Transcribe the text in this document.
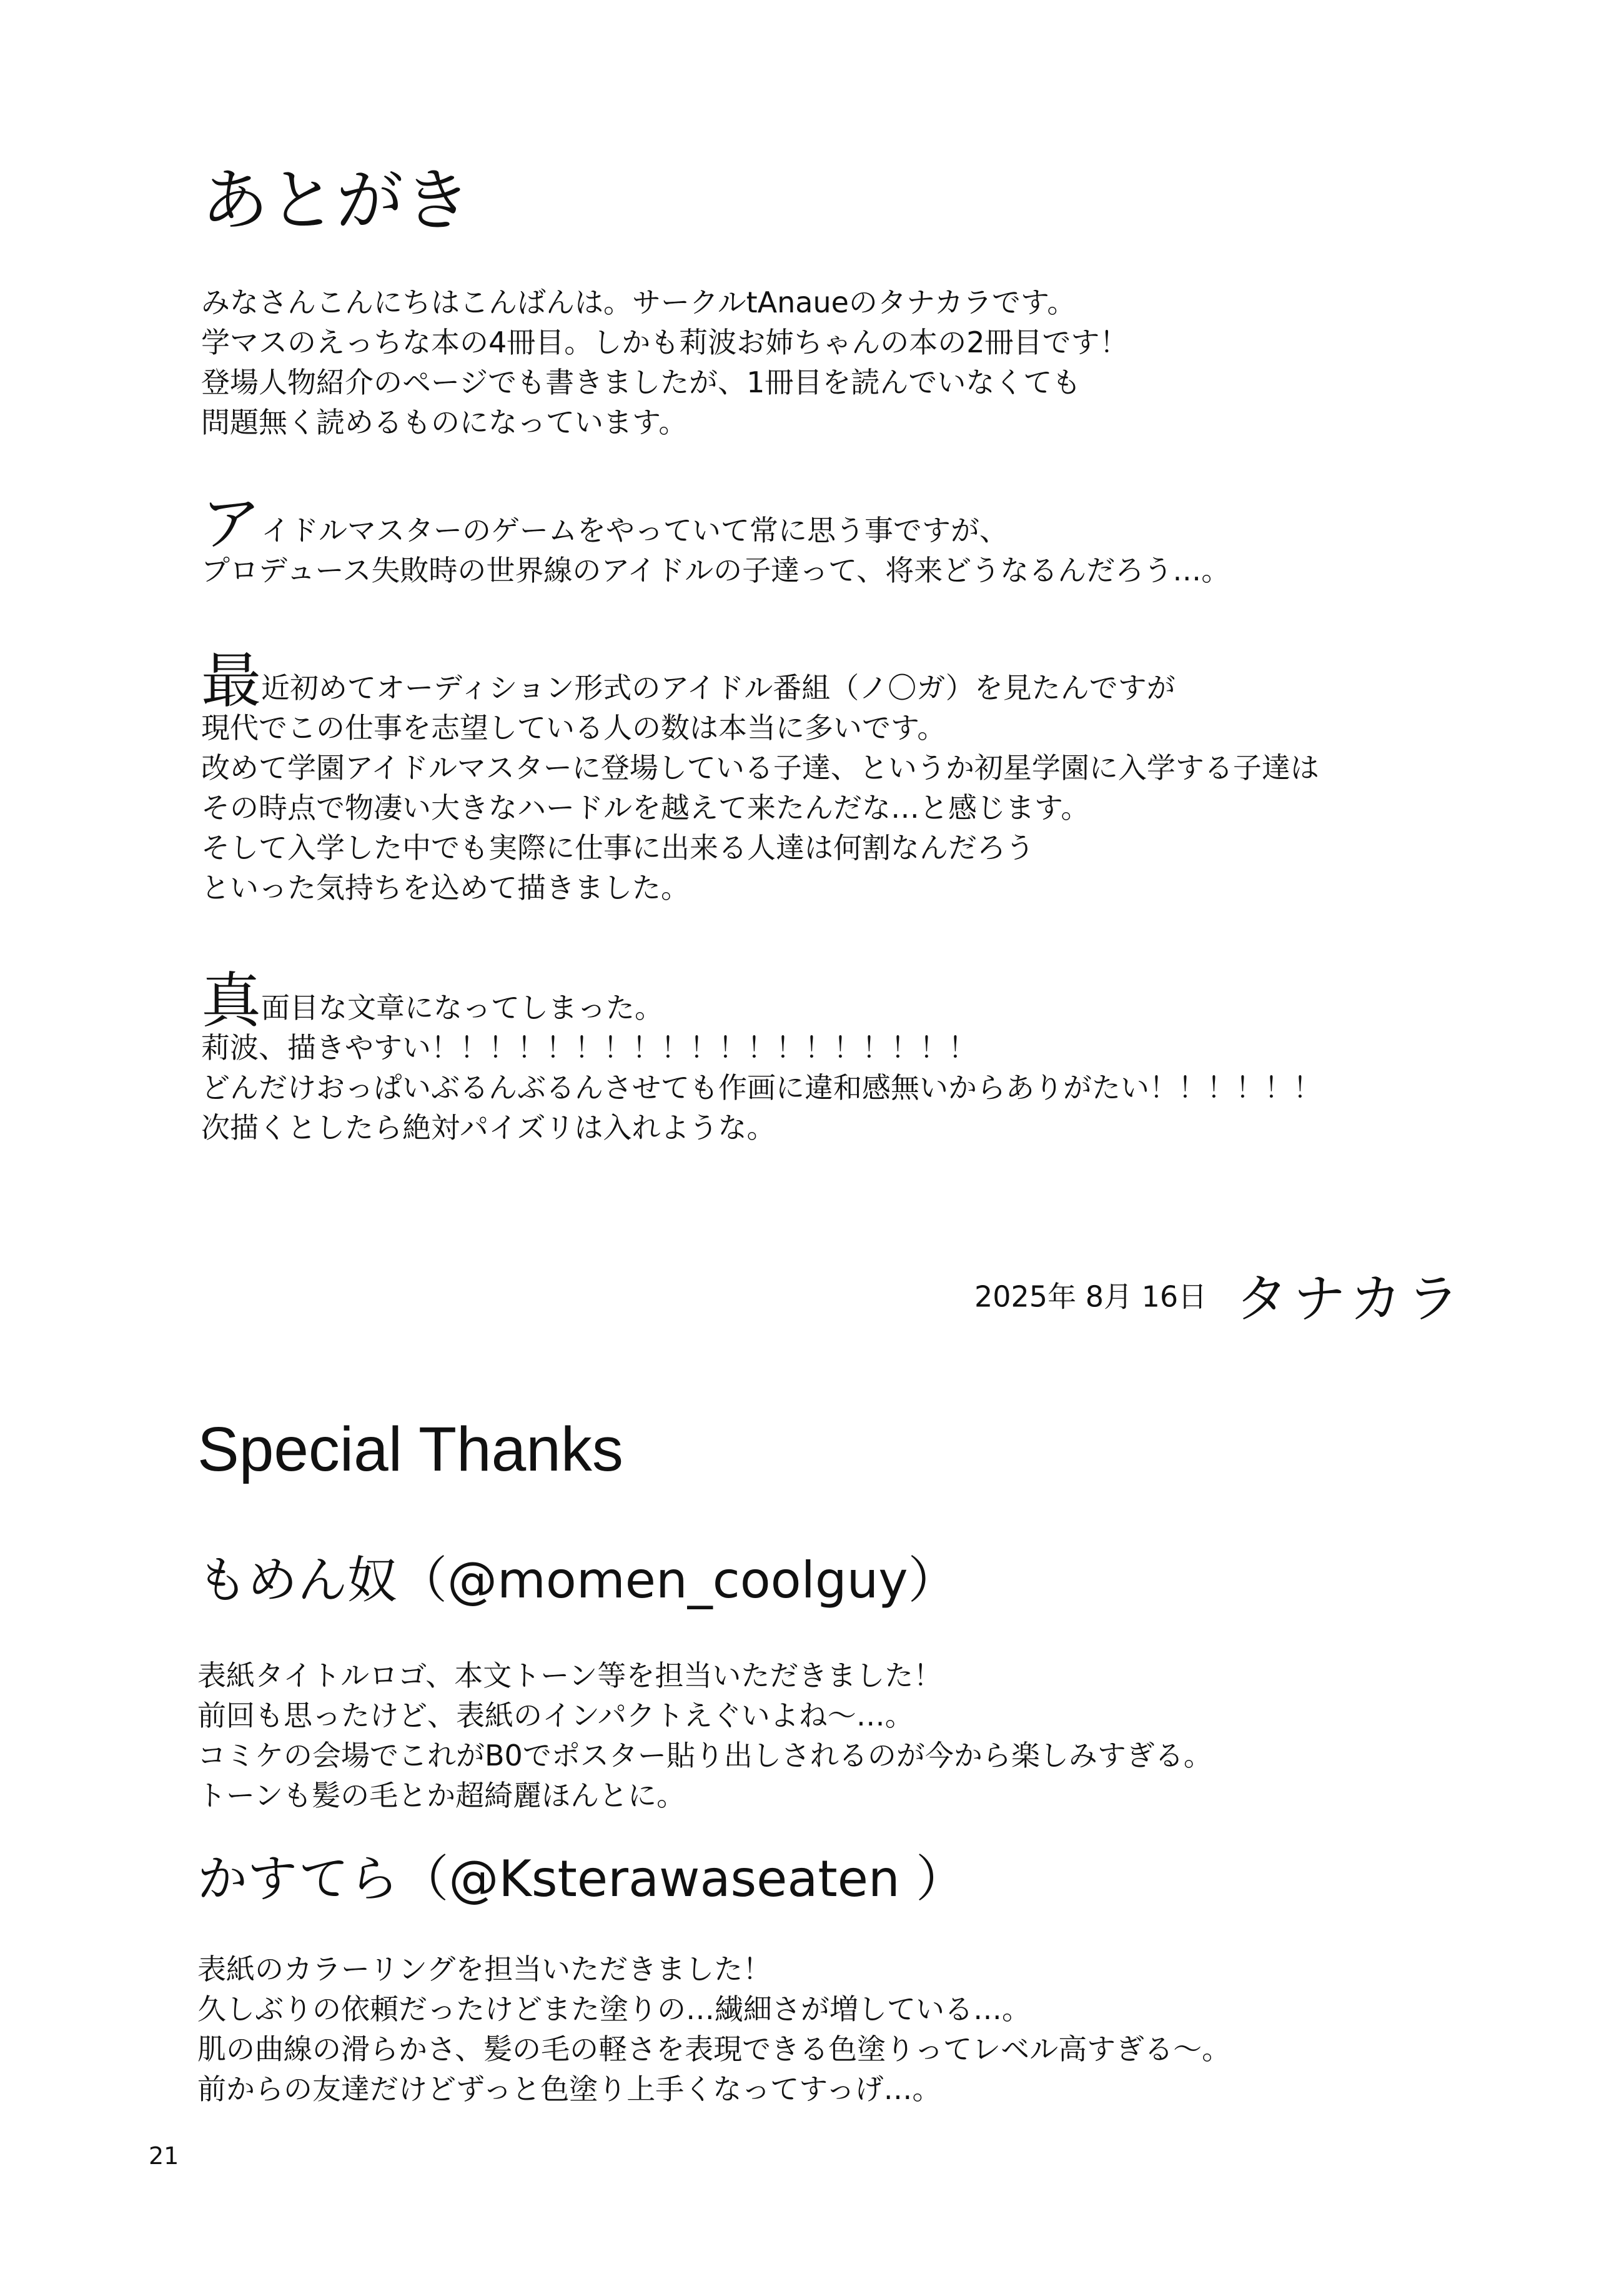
あとがき
みなさんこんにちはこんばんは。サークルtAnaueのタナカラです。
学マスのえっちな本の4冊目。しかも莉波お姉ちゃんの本の2冊目です！
登場人物紹介のページでも書きましたが、1冊目を読んでいなくても
問題無く読めるものになっています。
アイドルマスターのゲームをやっていて常に思う事ですが、
プロデュース失敗時の世界線のアイドルの子達って、将来どうなるんだろう…。
最近初めてオーディション形式のアイドル番組（ノ〇ガ）を見たんですが
現代でこの仕事を志望している人の数は本当に多いです。
改めて学園アイドルマスターに登場している子達、というか初星学園に入学する子達は
その時点で物凄い大きなハードルを越えて来たんだな…と感じます。
そして入学した中でも実際に仕事に出来る人達は何割なんだろう
といった気持ちを込めて描きました。
真面目な文章になってしまった。
莉波、描きやすい！！！！！！！！！！！！！！！！！！！
どんだけおっぱいぶるんぶるんさせても作画に違和感無いからありがたい！！！！！！
次描くとしたら絶対パイズリは入れような。
2025年 8月 16日 タナカラ
Special Thanks
もめん奴（@momen_coolguy）
表紙タイトルロゴ、本文トーン等を担当いただきました！
前回も思ったけど、表紙のインパクトえぐいよね～…。
コミケの会場でこれがB0でポスター貼り出しされるのが今から楽しみすぎる。
トーンも髪の毛とか超綺麗ほんとに。
かすてら（@Ksterawaseaten ）
表紙のカラーリングを担当いただきました！
久しぶりの依頼だったけどまた塗りの…繊細さが増している…。
肌の曲線の滑らかさ、髪の毛の軽さを表現できる色塗りってレベル高すぎる～。
前からの友達だけどずっと色塗り上手くなってすっげ…。
21
